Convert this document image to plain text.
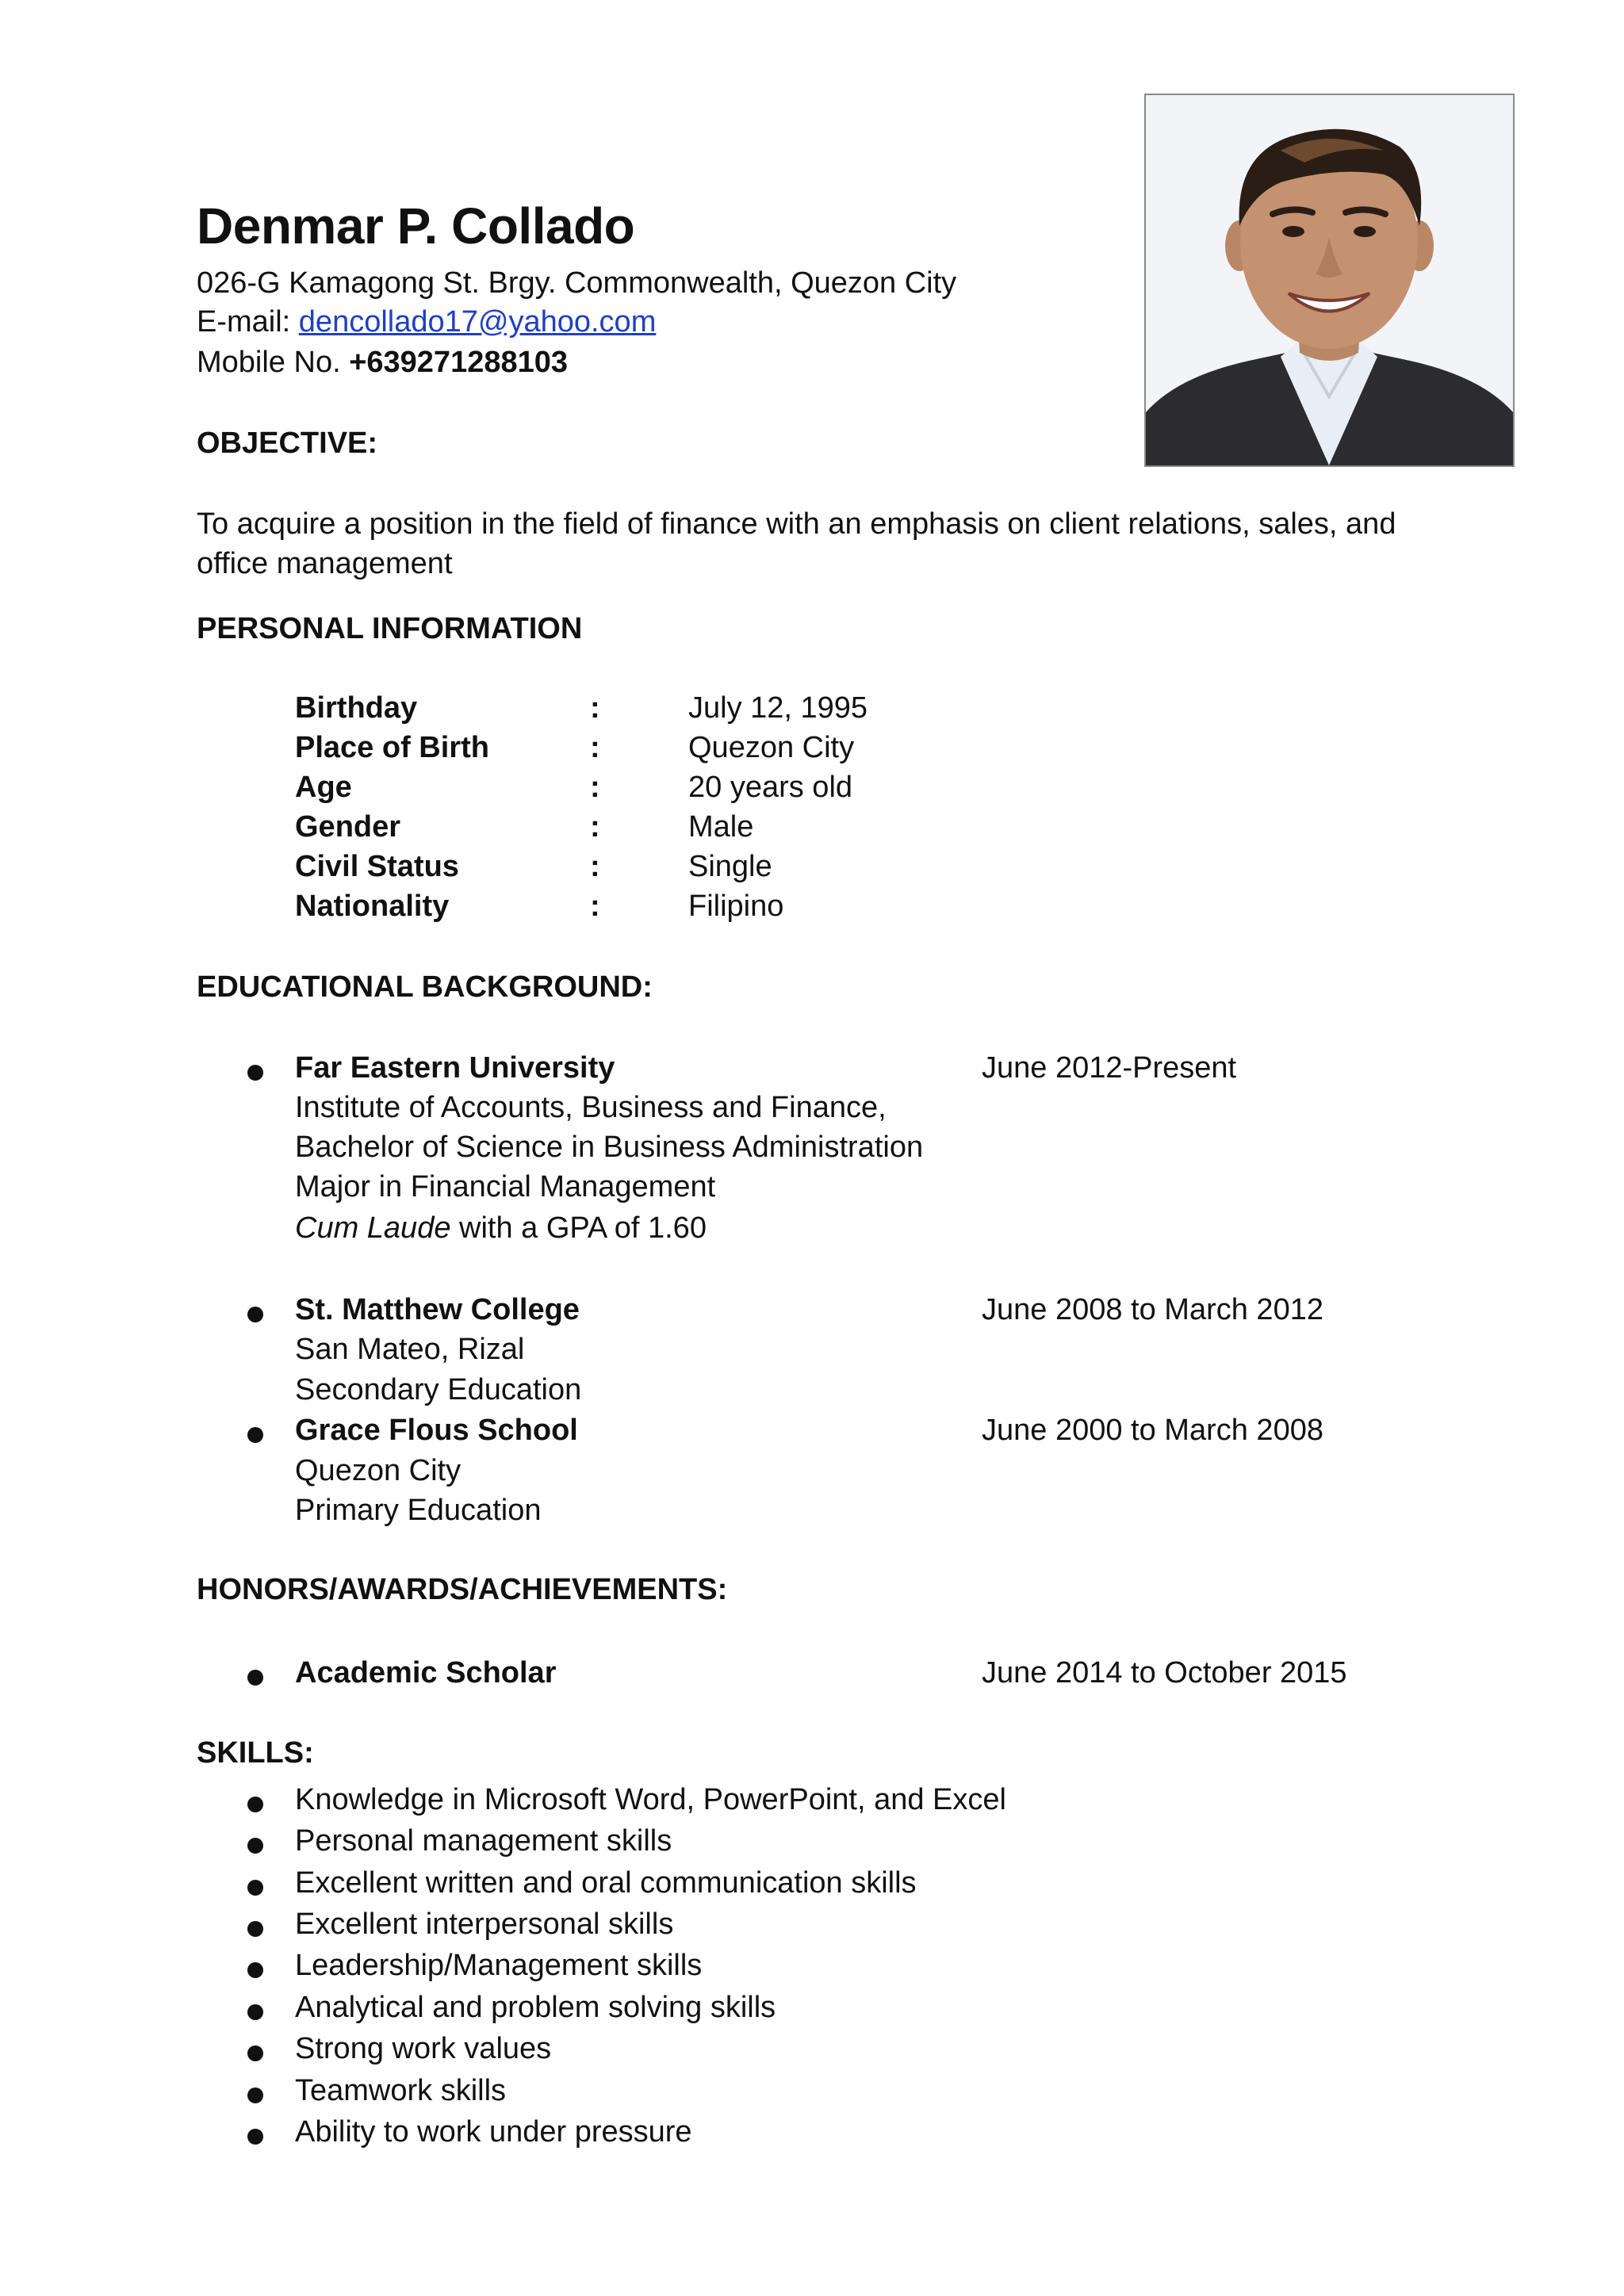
Denmar P. Collado
026-G Kamagong St. Brgy. Commonwealth, Quezon City
E-mail: dencollado17@yahoo.com
Mobile No. +639271288103
OBJECTIVE:
To acquire a position in the field of finance with an emphasis on client relations, sales, and office management
PERSONAL INFORMATION
Birthday	:	July 12, 1995
Place of Birth	:	Quezon City
Age	:	20 years old
Gender	:	Male
Civil Status	:	Single
Nationality	:	Filipino
EDUCATIONAL BACKGROUND:
Far Eastern University	June 2012-Present
Institute of Accounts, Business and Finance,
Bachelor of Science in Business Administration
Major in Financial Management
Cum Laude with a GPA of 1.60
St. Matthew College	June 2008 to March 2012
San Mateo, Rizal
Secondary Education
Grace Flous School	June 2000 to March 2008
Quezon City
Primary Education
HONORS/AWARDS/ACHIEVEMENTS:
Academic Scholar	June 2014 to October 2015
SKILLS:
Knowledge in Microsoft Word, PowerPoint, and Excel
Personal management skills
Excellent written and oral communication skills
Excellent interpersonal skills
Leadership/Management skills
Analytical and problem solving skills
Strong work values
Teamwork skills
Ability to work under pressure
